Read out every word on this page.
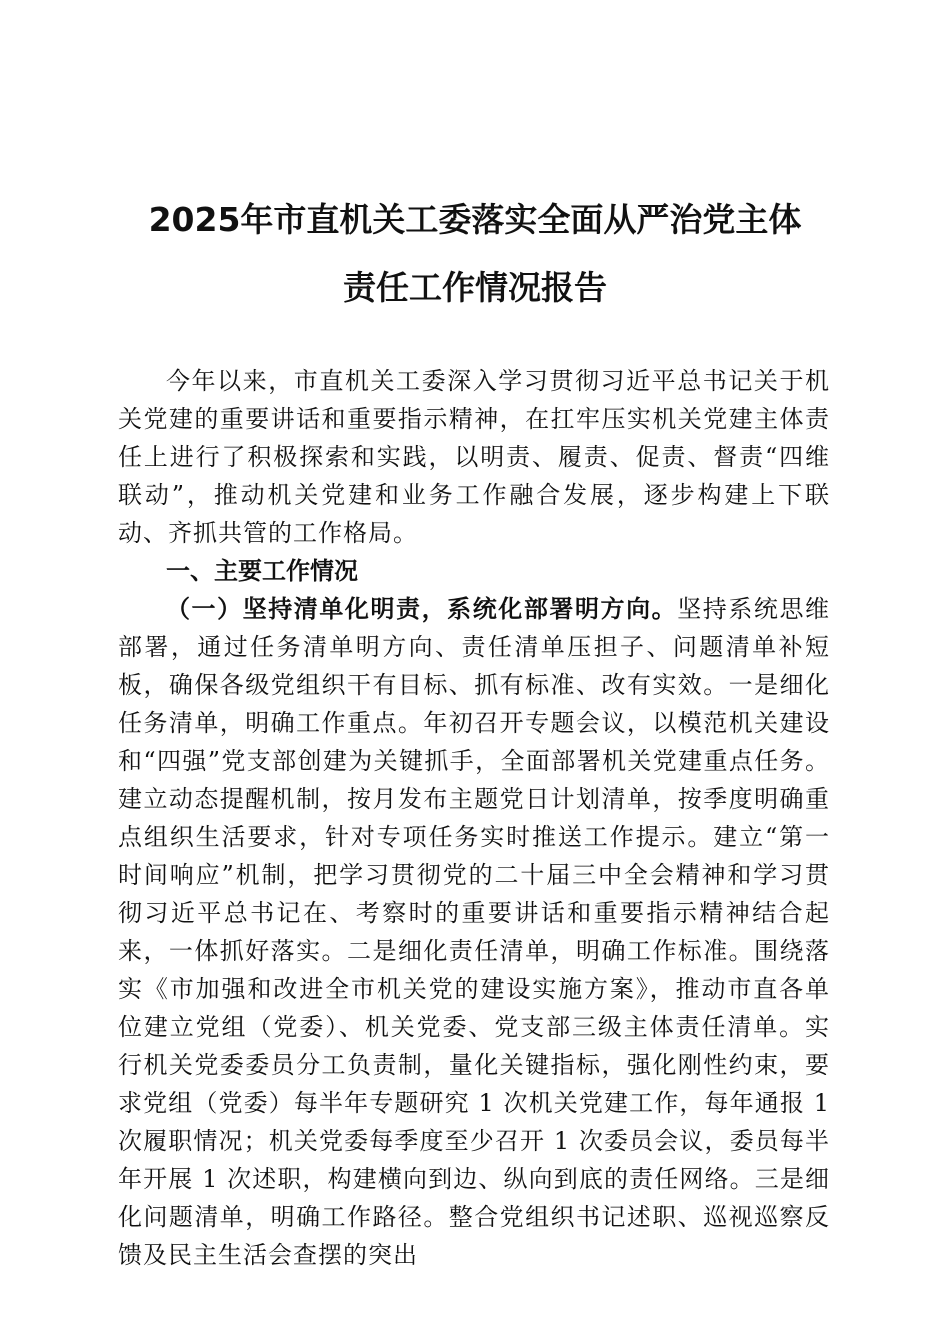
2025年市直机关工委落实全面从严治党主体
责任工作情况报告

今年以来，市直机关工委深入学习贯彻习近平总书记关于机关党建的重要讲话和重要指示精神，在扛牢压实机关党建主体责任上进行了积极探索和实践，以明责、履责、促责、督责“四维联动”，推动机关党建和业务工作融合发展，逐步构建上下联动、齐抓共管的工作格局。

一、主要工作情况

（一）坚持清单化明责，系统化部署明方向。坚持系统思维部署，通过任务清单明方向、责任清单压担子、问题清单补短板，确保各级党组织干有目标、抓有标准、改有实效。一是细化任务清单，明确工作重点。年初召开专题会议，以模范机关建设和“四强”党支部创建为关键抓手，全面部署机关党建重点任务。建立动态提醒机制，按月发布主题党日计划清单，按季度明确重点组织生活要求，针对专项任务实时推送工作提示。建立“第一时间响应”机制，把学习贯彻党的二十届三中全会精神和学习贯彻习近平总书记在、考察时的重要讲话和重要指示精神结合起来，一体抓好落实。二是细化责任清单，明确工作标准。围绕落实《市加强和改进全市机关党的建设实施方案》，推动市直各单位建立党组（党委）、机关党委、党支部三级主体责任清单。实行机关党委委员分工负责制，量化关键指标，强化刚性约束，要求党组（党委）每半年专题研究 1 次机关党建工作，每年通报 1 次履职情况；机关党委每季度至少召开 1 次委员会议，委员每半年开展 1 次述职，构建横向到边、纵向到底的责任网络。三是细化问题清单，明确工作路径。整合党组织书记述职、巡视巡察反馈及民主生活会查摆的突出
